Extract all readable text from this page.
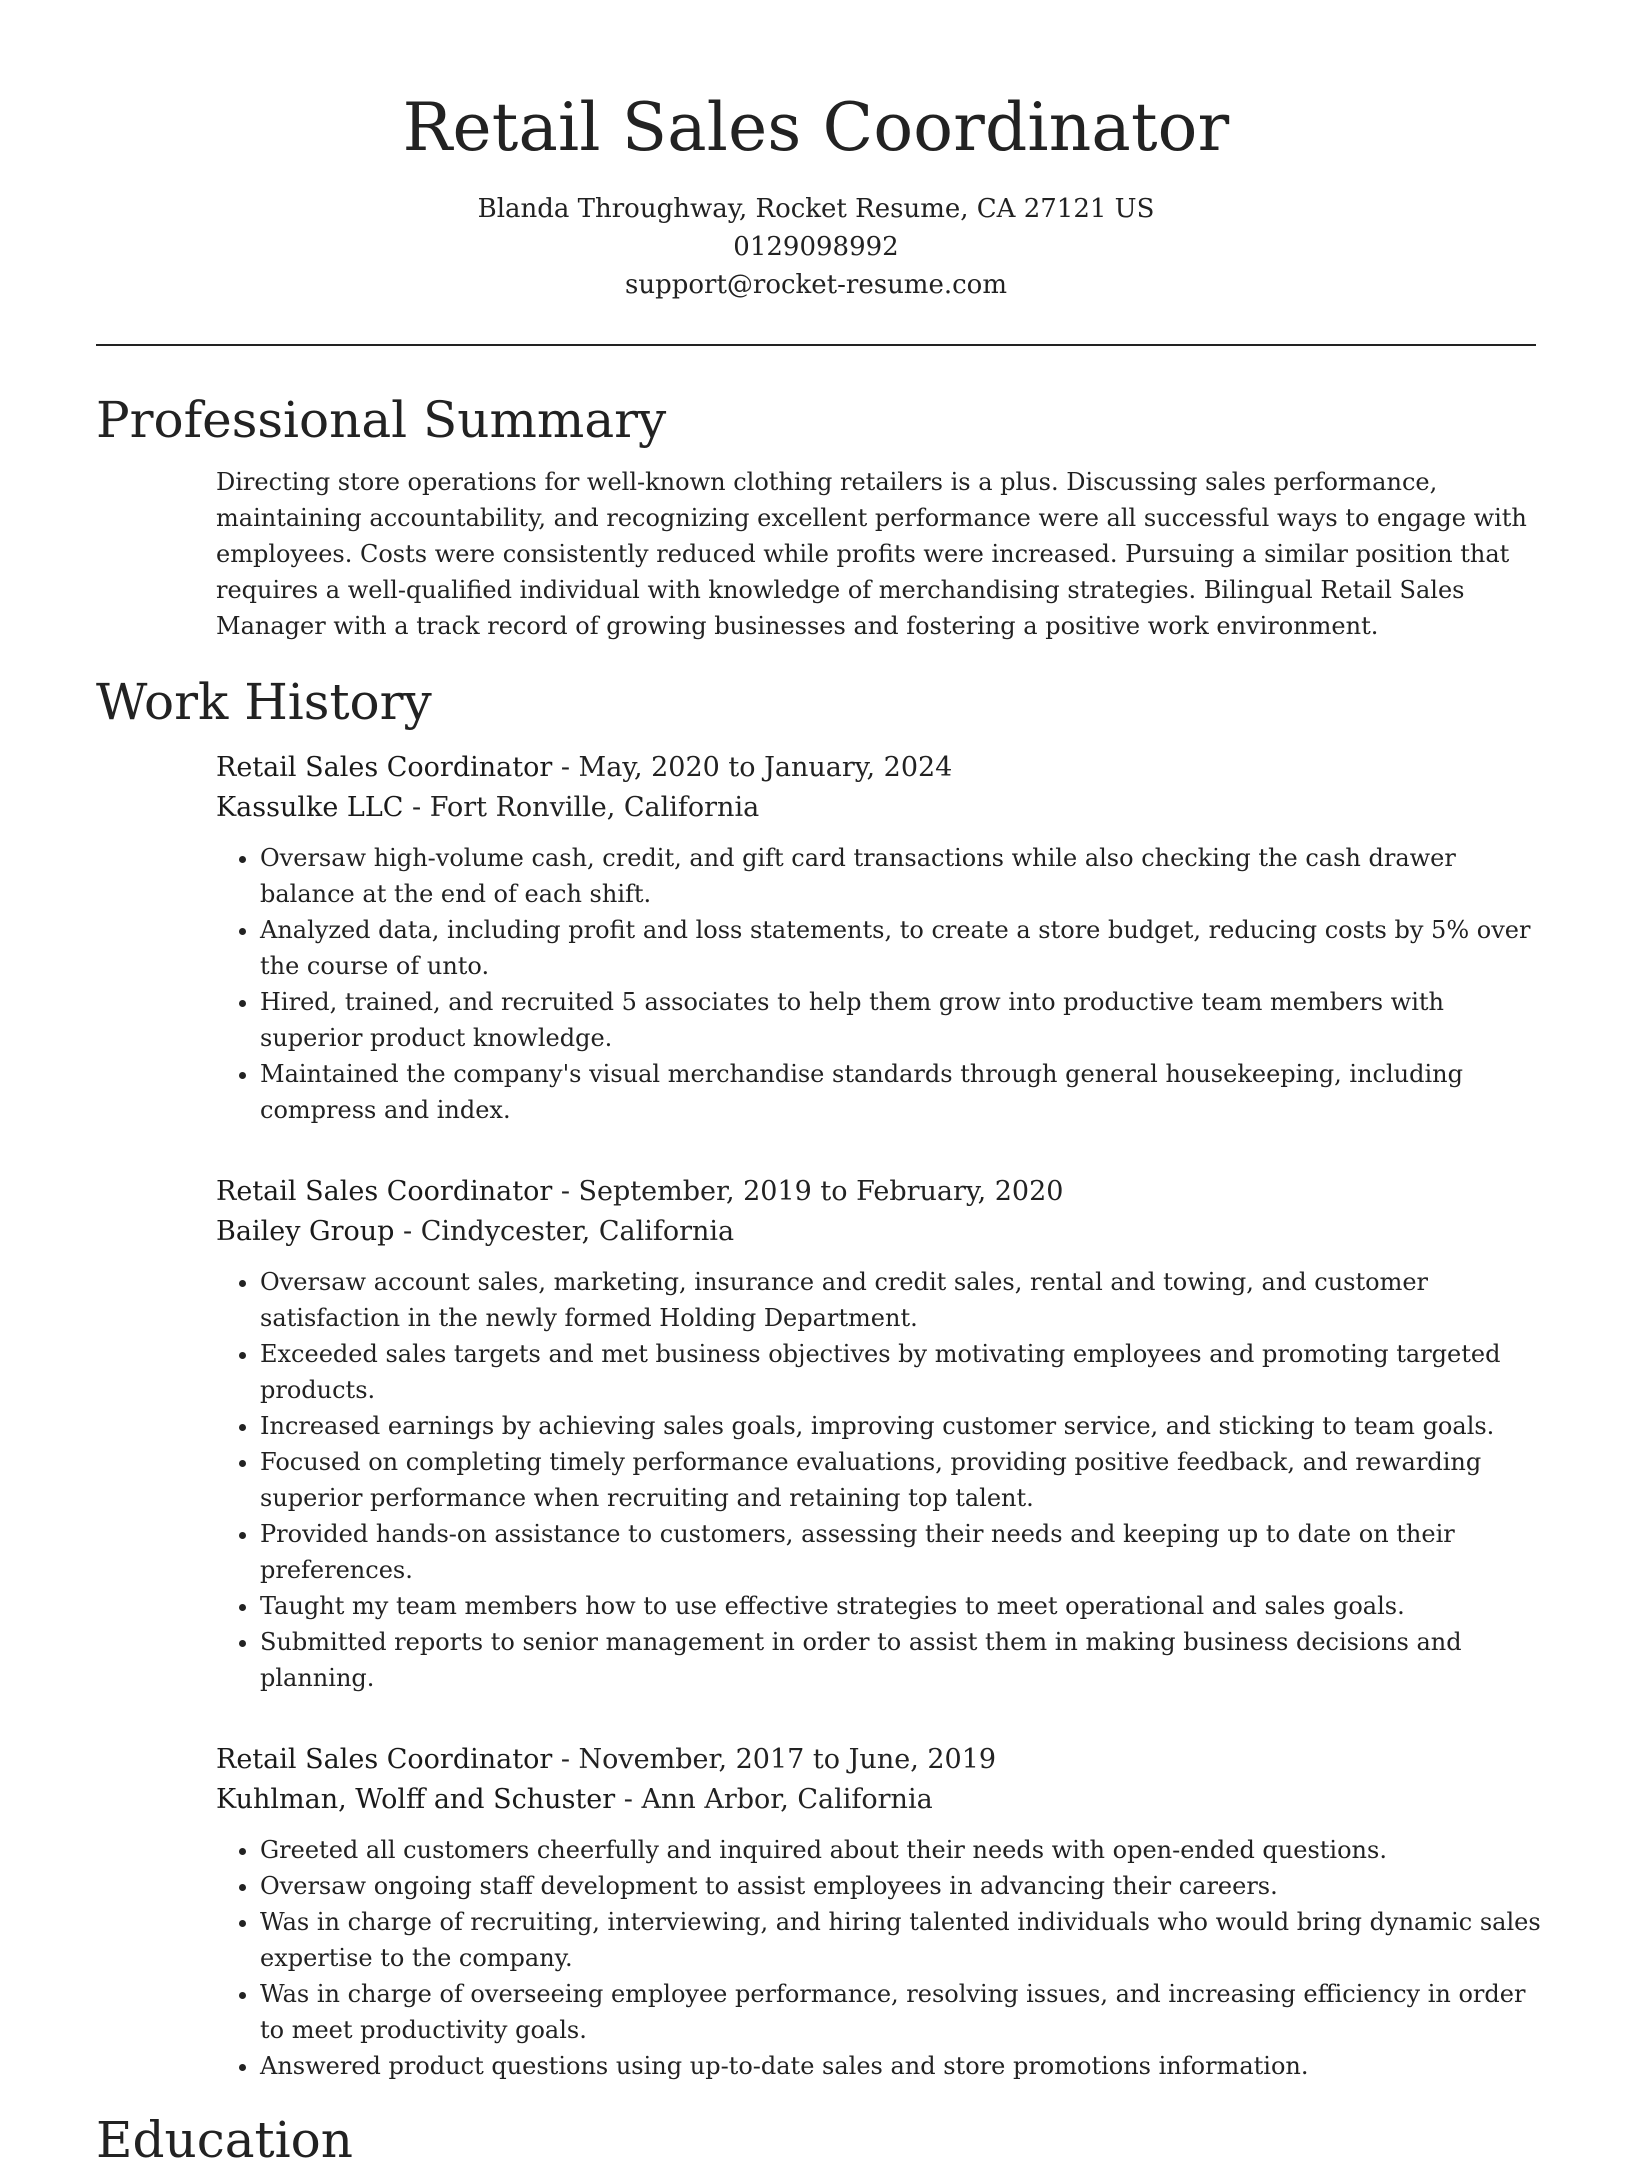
Retail Sales Coordinator
Blanda Throughway, Rocket Resume, CA 27121 US
0129098992
support@rocket-resume.com
Professional Summary
Directing store operations for well-known clothing retailers is a plus. Discussing sales performance, maintaining accountability, and recognizing excellent performance were all successful ways to engage with employees. Costs were consistently reduced while profits were increased. Pursuing a similar position that requires a well-qualified individual with knowledge of merchandising strategies. Bilingual Retail Sales Manager with a track record of growing businesses and fostering a positive work environment.
Work History
Retail Sales Coordinator - May, 2020 to January, 2024
Kassulke LLC - Fort Ronville, California
• Oversaw high-volume cash, credit, and gift card transactions while also checking the cash drawer balance at the end of each shift.
• Analyzed data, including profit and loss statements, to create a store budget, reducing costs by 5% over the course of unto.
• Hired, trained, and recruited 5 associates to help them grow into productive team members with superior product knowledge.
• Maintained the company's visual merchandise standards through general housekeeping, including compress and index.
Retail Sales Coordinator - September, 2019 to February, 2020
Bailey Group - Cindycester, California
• Oversaw account sales, marketing, insurance and credit sales, rental and towing, and customer satisfaction in the newly formed Holding Department.
• Exceeded sales targets and met business objectives by motivating employees and promoting targeted products.
• Increased earnings by achieving sales goals, improving customer service, and sticking to team goals.
• Focused on completing timely performance evaluations, providing positive feedback, and rewarding superior performance when recruiting and retaining top talent.
• Provided hands-on assistance to customers, assessing their needs and keeping up to date on their preferences.
• Taught my team members how to use effective strategies to meet operational and sales goals.
• Submitted reports to senior management in order to assist them in making business decisions and planning.
Retail Sales Coordinator - November, 2017 to June, 2019
Kuhlman, Wolff and Schuster - Ann Arbor, California
• Greeted all customers cheerfully and inquired about their needs with open-ended questions.
• Oversaw ongoing staff development to assist employees in advancing their careers.
• Was in charge of recruiting, interviewing, and hiring talented individuals who would bring dynamic sales expertise to the company.
• Was in charge of overseeing employee performance, resolving issues, and increasing efficiency in order to meet productivity goals.
• Answered product questions using up-to-date sales and store promotions information.
Education
